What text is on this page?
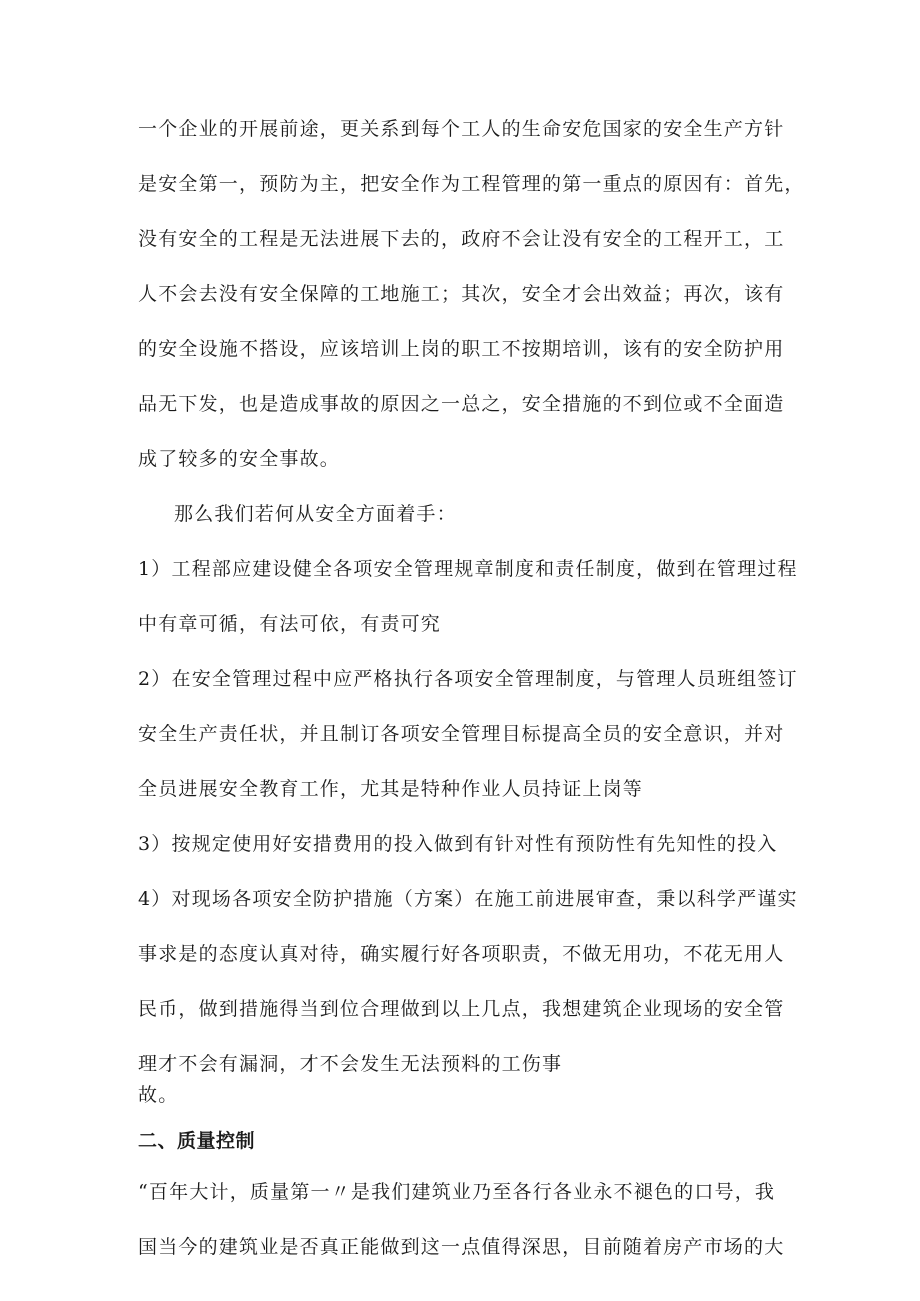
一个企业的开展前途，更关系到每个工人的生命安危国家的安全生产方针
是安全第一，预防为主，把安全作为工程管理的第一重点的原因有：首先，
没有安全的工程是无法进展下去的，政府不会让没有安全的工程开工，工
人不会去没有安全保障的工地施工；其次，安全才会出效益；再次，该有
的安全设施不搭设，应该培训上岗的职工不按期培训，该有的安全防护用
品无下发，也是造成事故的原因之一总之，安全措施的不到位或不全面造
成了较多的安全事故。
那么我们若何从安全方面着手：
1）工程部应建设健全各项安全管理规章制度和责任制度，做到在管理过程
中有章可循，有法可依，有责可究
2）在安全管理过程中应严格执行各项安全管理制度，与管理人员班组签订
安全生产责任状，并且制订各项安全管理目标提高全员的安全意识，并对
全员进展安全教育工作，尤其是特种作业人员持证上岗等
3）按规定使用好安措费用的投入做到有针对性有预防性有先知性的投入
4）对现场各项安全防护措施（方案）在施工前进展审查，秉以科学严谨实
事求是的态度认真对待，确实履行好各项职责，不做无用功，不花无用人
民币，做到措施得当到位合理做到以上几点，我想建筑企业现场的安全管
理才不会有漏洞，才不会发生无法预料的工伤事
故。
二、质量控制
“百年大计，质量第一〃是我们建筑业乃至各行各业永不褪色的口号，我
国当今的建筑业是否真正能做到这一点值得深思，目前随着房产市场的大
